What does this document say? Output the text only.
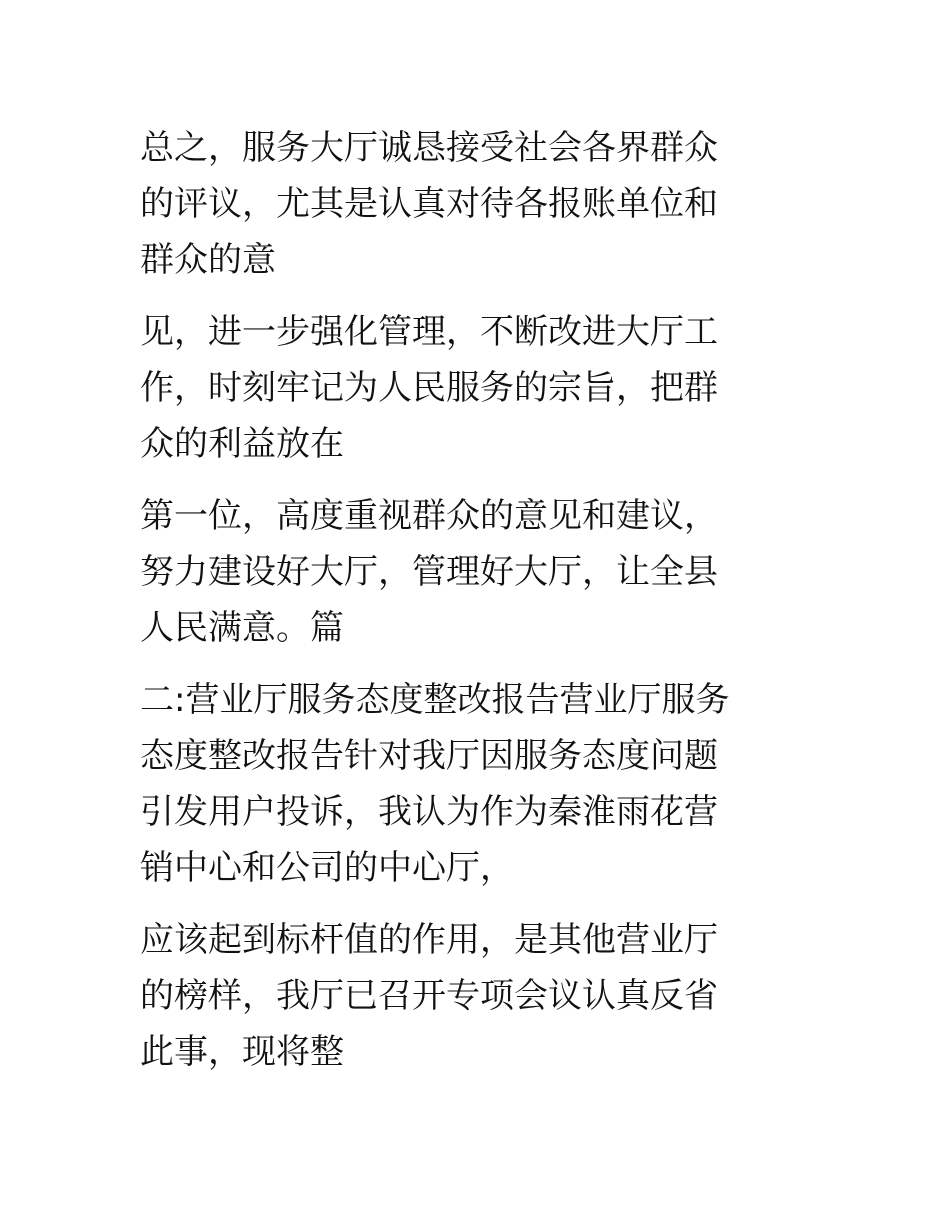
总之，服务大厅诚恳接受社会各界群众
的评议，尤其是认真对待各报账单位和
群众的意

见，进一步强化管理，不断改进大厅工
作，时刻牢记为人民服务的宗旨，把群
众的利益放在

第一位，高度重视群众的意见和建议，
努力建设好大厅，管理好大厅，让全县
人民满意。篇

二:营业厅服务态度整改报告营业厅服务
态度整改报告针对我厅因服务态度问题
引发用户投诉，我认为作为秦淮雨花营
销中心和公司的中心厅，

应该起到标杆值的作用，是其他营业厅
的榜样，我厅已召开专项会议认真反省
此事，现将整
